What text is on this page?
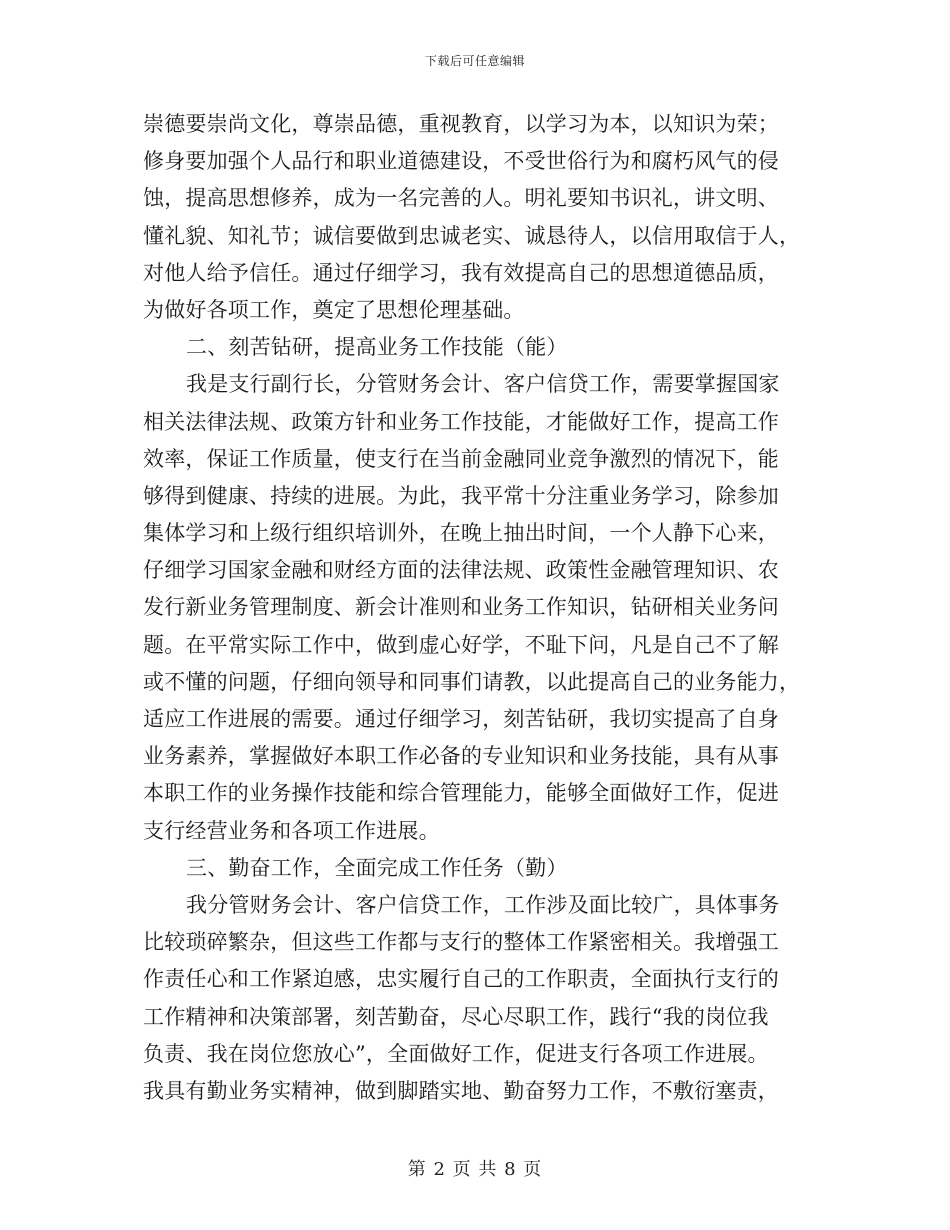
下载后可任意编辑
崇德要崇尚文化，尊崇品德，重视教育，以学习为本，以知识为荣；
修身要加强个人品行和职业道德建设，不受世俗行为和腐朽风气的侵
蚀，提高思想修养，成为一名完善的人。明礼要知书识礼，讲文明、
懂礼貌、知礼节；诚信要做到忠诚老实、诚恳待人，以信用取信于人，
对他人给予信任。通过仔细学习，我有效提高自己的思想道德品质，
为做好各项工作，奠定了思想伦理基础。
二、刻苦钻研，提高业务工作技能（能）
我是支行副行长，分管财务会计、客户信贷工作，需要掌握国家
相关法律法规、政策方针和业务工作技能，才能做好工作，提高工作
效率，保证工作质量，使支行在当前金融同业竞争激烈的情况下，能
够得到健康、持续的进展。为此，我平常十分注重业务学习，除参加
集体学习和上级行组织培训外，在晚上抽出时间，一个人静下心来，
仔细学习国家金融和财经方面的法律法规、政策性金融管理知识、农
发行新业务管理制度、新会计准则和业务工作知识，钻研相关业务问
题。在平常实际工作中，做到虚心好学，不耻下问，凡是自己不了解
或不懂的问题，仔细向领导和同事们请教，以此提高自己的业务能力，
适应工作进展的需要。通过仔细学习，刻苦钻研，我切实提高了自身
业务素养，掌握做好本职工作必备的专业知识和业务技能，具有从事
本职工作的业务操作技能和综合管理能力，能够全面做好工作，促进
支行经营业务和各项工作进展。
三、勤奋工作，全面完成工作任务（勤）
我分管财务会计、客户信贷工作，工作涉及面比较广，具体事务
比较琐碎繁杂，但这些工作都与支行的整体工作紧密相关。我增强工
作责任心和工作紧迫感，忠实履行自己的工作职责，全面执行支行的
工作精神和决策部署，刻苦勤奋，尽心尽职工作，践行“我的岗位我
负责、我在岗位您放心”，全面做好工作，促进支行各项工作进展。
我具有勤业务实精神，做到脚踏实地、勤奋努力工作，不敷衍塞责，
第 2 页 共 8 页
